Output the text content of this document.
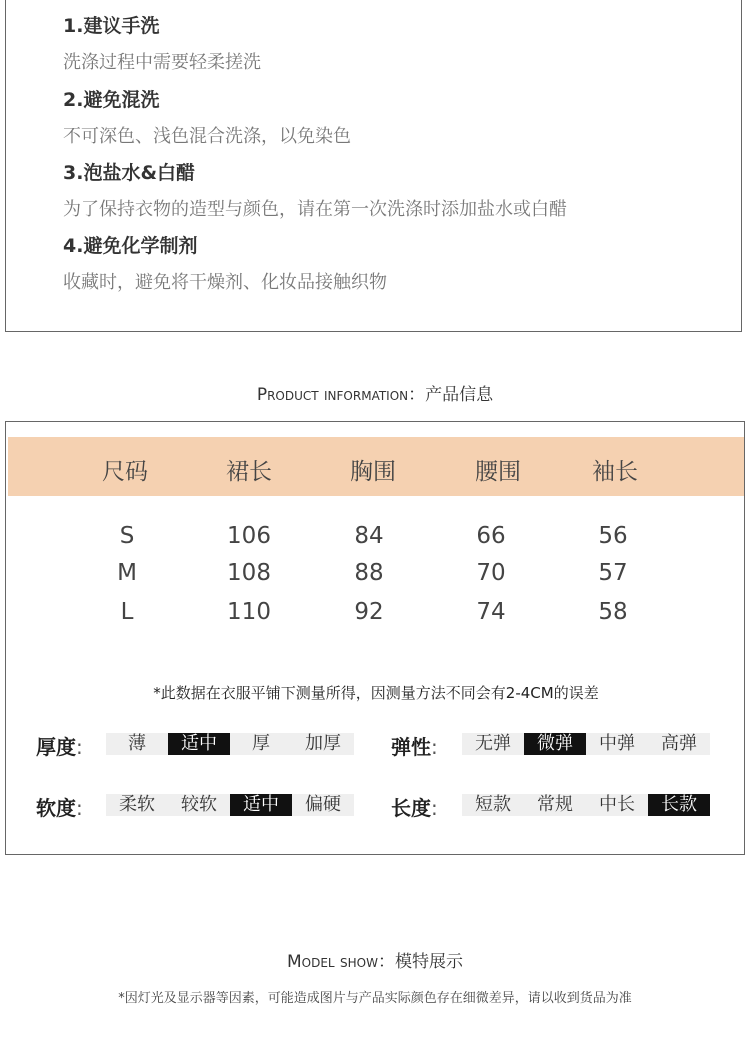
1.建议手洗
洗涤过程中需要轻柔搓洗
2.避免混洗
不可深色、浅色混合洗涤，以免染色
3.泡盐水&白醋
为了保持衣物的造型与颜色，请在第一次洗涤时添加盐水或白醋
4.避免化学制剂
收藏时，避免将干燥剂、化妆品接触织物
Product information：产品信息
尺码	裙长	胸围	腰围	袖长
S	106	84	66	56
M	108	88	70	57
L	110	92	74	58
*此数据在衣服平铺下测量所得，因测量方法不同会有2-4CM的误差
厚度:	薄	适中	厚	加厚	弹性:	无弹	微弹	中弹	高弹
软度:	柔软	较软	适中	偏硬	长度:	短款	常规	中长	长款
Model show：模特展示
*因灯光及显示器等因素，可能造成图片与产品实际颜色存在细微差异，请以收到货品为准
